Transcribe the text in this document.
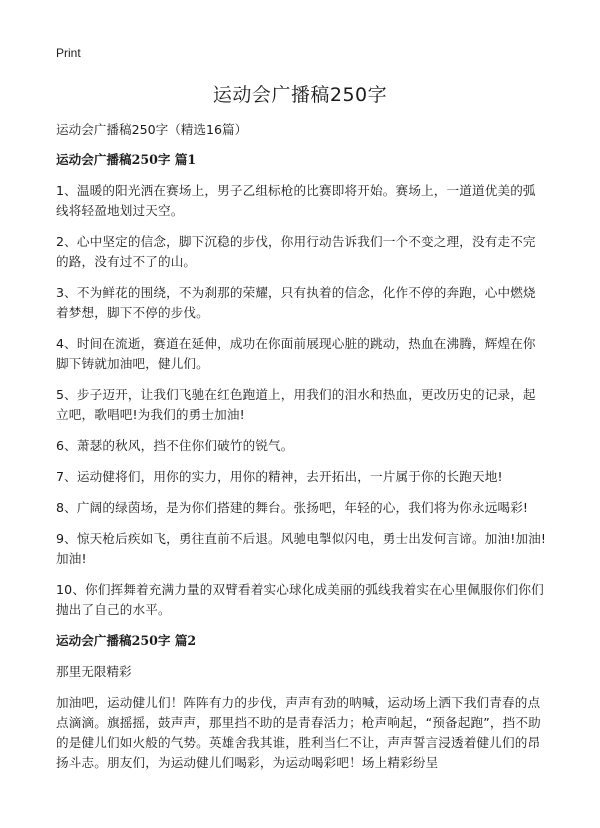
Print
运动会广播稿250字

运动会广播稿250字（精选16篇）

运动会广播稿250字 篇1

1、温暖的阳光洒在赛场上，男子乙组标枪的比赛即将开始。赛场上，一道道优美的弧线将轻盈地划过天空。

2、心中坚定的信念，脚下沉稳的步伐，你用行动告诉我们一个不变之理，没有走不完的路，没有过不了的山。

3、不为鲜花的围绕，不为刹那的荣耀，只有执着的信念，化作不停的奔跑，心中燃烧着梦想，脚下不停的步伐。

4、时间在流逝，赛道在延伸，成功在你面前展现心脏的跳动，热血在沸腾，辉煌在你脚下铸就加油吧，健儿们。

5、步子迈开，让我们飞驰在红色跑道上，用我们的泪水和热血，更改历史的记录，起立吧，歌唱吧!为我们的勇士加油!

6、萧瑟的秋风，挡不住你们破竹的锐气。

7、运动健将们，用你的实力，用你的精神，去开拓出，一片属于你的长跑天地!

8、广阔的绿茵场，是为你们搭建的舞台。张扬吧，年轻的心，我们将为你永远喝彩!

9、惊天枪后疾如飞，勇往直前不后退。风驰电掣似闪电，勇士出发何言谛。加油!加油!加油!

10、你们挥舞着充满力量的双臂看着实心球化成美丽的弧线我着实在心里佩服你们你们抛出了自己的水平。

运动会广播稿250字 篇2

那里无限精彩

加油吧，运动健儿们！阵阵有力的步伐，声声有劲的呐喊，运动场上洒下我们青春的点点滴滴。旗摇摇，鼓声声，那里挡不助的是青春活力；枪声响起，“预备起跑”，挡不助的是健儿们如火般的气势。英雄舍我其谁，胜利当仁不让，声声誓言浸透着健儿们的昂扬斗志。朋友们，为运动健儿们喝彩，为运动喝彩吧！场上精彩纷呈
